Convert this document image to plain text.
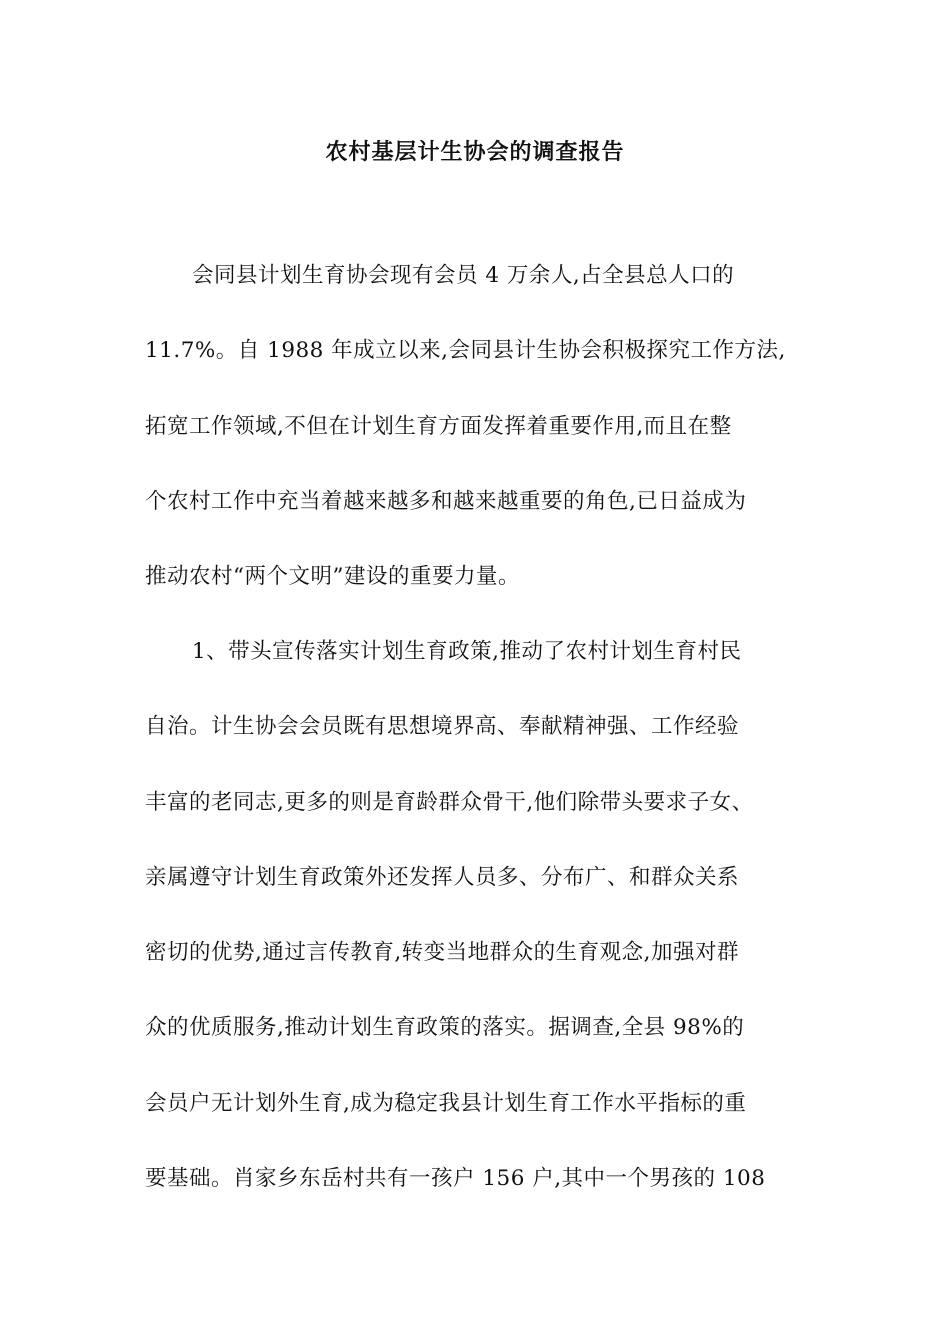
农村基层计生协会的调查报告
会同县计划生育协会现有会员 4 万余人,占全县总人口的
11.7%。自 1988 年成立以来,会同县计生协会积极探究工作方法,
拓宽工作领域,不但在计划生育方面发挥着重要作用,而且在整
个农村工作中充当着越来越多和越来越重要的角色,已日益成为
推动农村“两个文明”建设的重要力量。
1、带头宣传落实计划生育政策,推动了农村计划生育村民
自治。计生协会会员既有思想境界高、奉献精神强、工作经验
丰富的老同志,更多的则是育龄群众骨干,他们除带头要求子女、
亲属遵守计划生育政策外还发挥人员多、分布广、和群众关系
密切的优势,通过言传教育,转变当地群众的生育观念,加强对群
众的优质服务,推动计划生育政策的落实。据调查,全县 98%的
会员户无计划外生育,成为稳定我县计划生育工作水平指标的重
要基础。肖家乡东岳村共有一孩户 156 户,其中一个男孩的 108
